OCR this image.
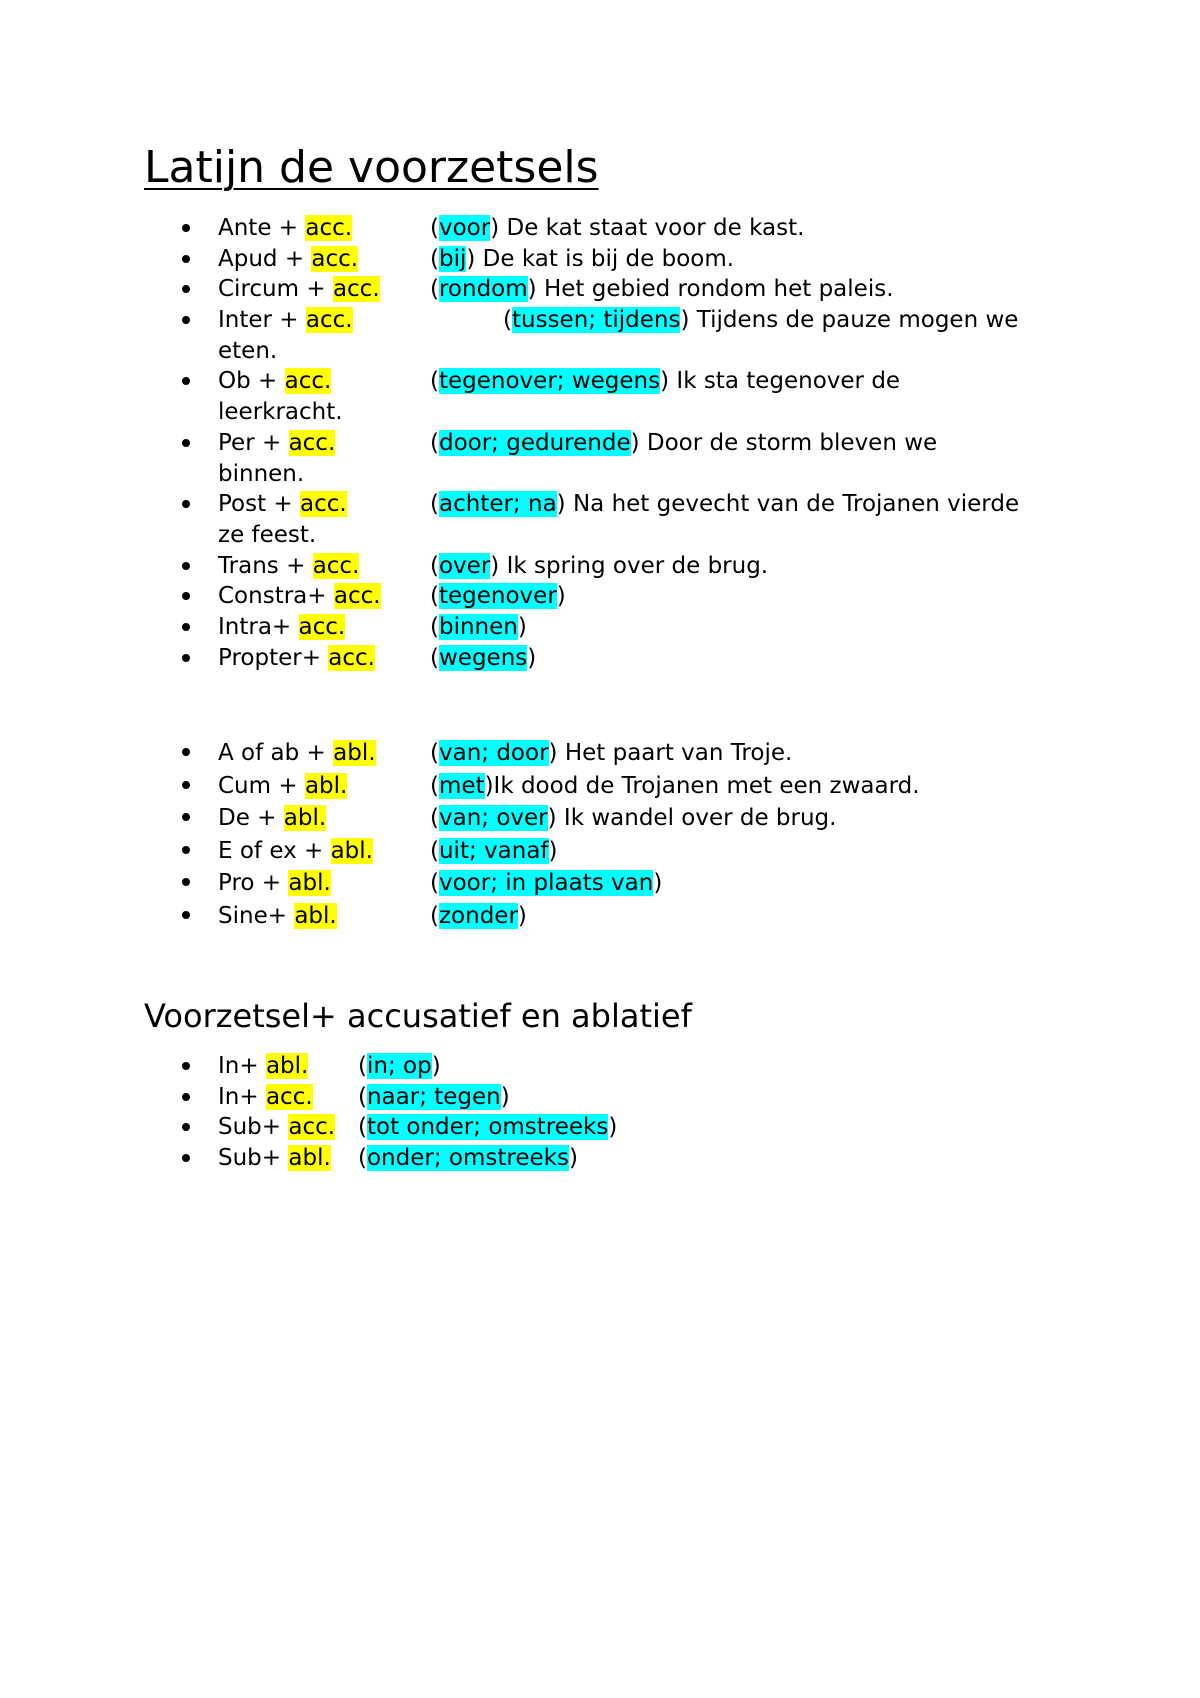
Latijn de voorzetsels
Ante + acc.	(voor) De kat staat voor de kast.
Apud + acc.	(bij) De kat is bij de boom.
Circum + acc. (rondom) Het gebied rondom het paleis.
Inter + acc.	(tussen; tijdens) Tijdens de pauze mogen we
eten.
Ob + acc.	(tegenover; wegens) Ik sta tegenover de
leerkracht.
Per + acc.	(door; gedurende) Door de storm bleven we
binnen.
Post + acc.	(achter; na) Na het gevecht van de Trojanen vierde
ze feest.
Trans + acc.	(over) Ik spring over de brug.
Constra+ acc. (tegenover)
Intra+ acc.	(binnen)
Propter+ acc. (wegens)
A of ab + abl. (van; door) Het paart van Troje.
Cum + abl.	(met)Ik dood de Trojanen met een zwaard.
De + abl.	(van; over) Ik wandel over de brug.
E of ex + abl. (uit; vanaf)
Pro + abl.	(voor; in plaats van)
Sine+ abl.	(zonder)
Voorzetsel+ accusatief en ablatief
In+ abl. (in; op)
In+ acc. (naar; tegen)
Sub+ acc. (tot onder; omstreeks)
Sub+ abl. (onder; omstreeks)
